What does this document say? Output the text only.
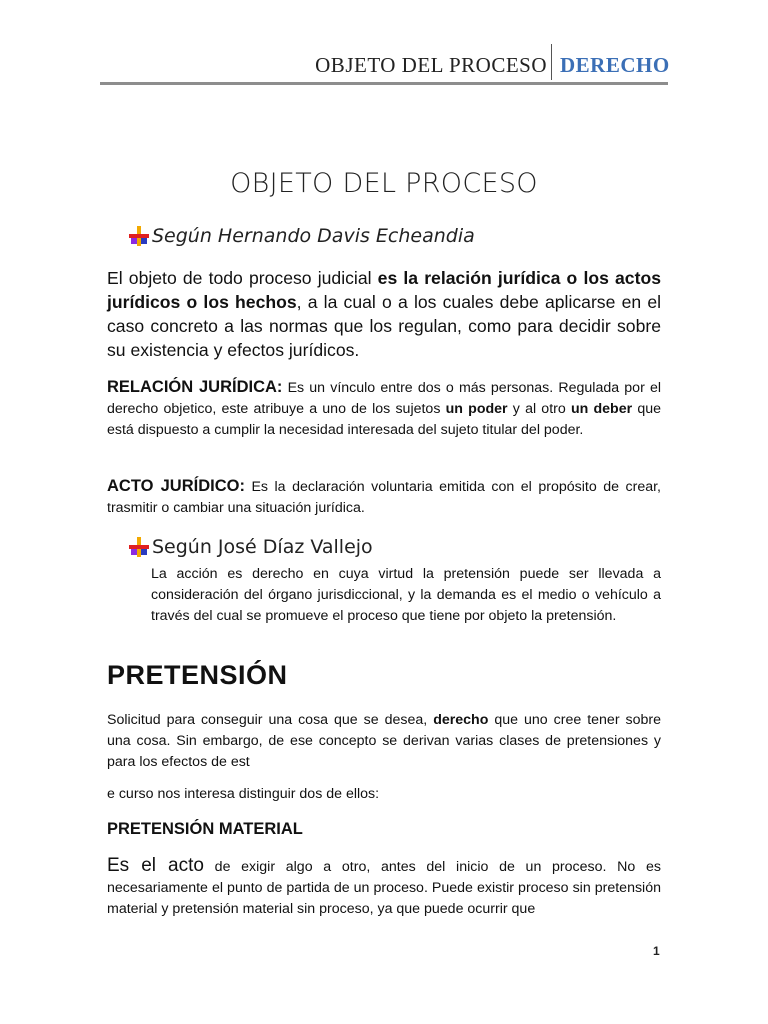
OBJETO DEL PROCESO DERECHO
OBJETO DEL PROCESO
Según Hernando Davis Echeandia
El objeto de todo proceso judicial es la relación jurídica o los actos jurídicos o los hechos, a la cual o a los cuales debe aplicarse en el caso concreto a las normas que los regulan, como para decidir sobre su existencia y efectos jurídicos.
RELACIÓN JURÍDICA: Es un vínculo entre dos o más personas. Regulada por el derecho objetico, este atribuye a uno de los sujetos un poder y al otro un deber que está dispuesto a cumplir la necesidad interesada del sujeto titular del poder.
ACTO JURÍDICO: Es la declaración voluntaria emitida con el propósito de crear, trasmitir o cambiar una situación jurídica.
Según José Díaz Vallejo
La acción es derecho en cuya virtud la pretensión puede ser llevada a consideración del órgano jurisdiccional, y la demanda es el medio o vehículo a través del cual se promueve el proceso que tiene por objeto la pretensión.
PRETENSIÓN
Solicitud para conseguir una cosa que se desea, derecho que uno cree tener sobre una cosa. Sin embargo, de ese concepto se derivan varias clases de pretensiones y para los efectos de est
e curso nos interesa distinguir dos de ellos:
PRETENSIÓN MATERIAL
Es el acto de exigir algo a otro, antes del inicio de un proceso. No es necesariamente el punto de partida de un proceso. Puede existir proceso sin pretensión material y pretensión material sin proceso, ya que puede ocurrir que
1
